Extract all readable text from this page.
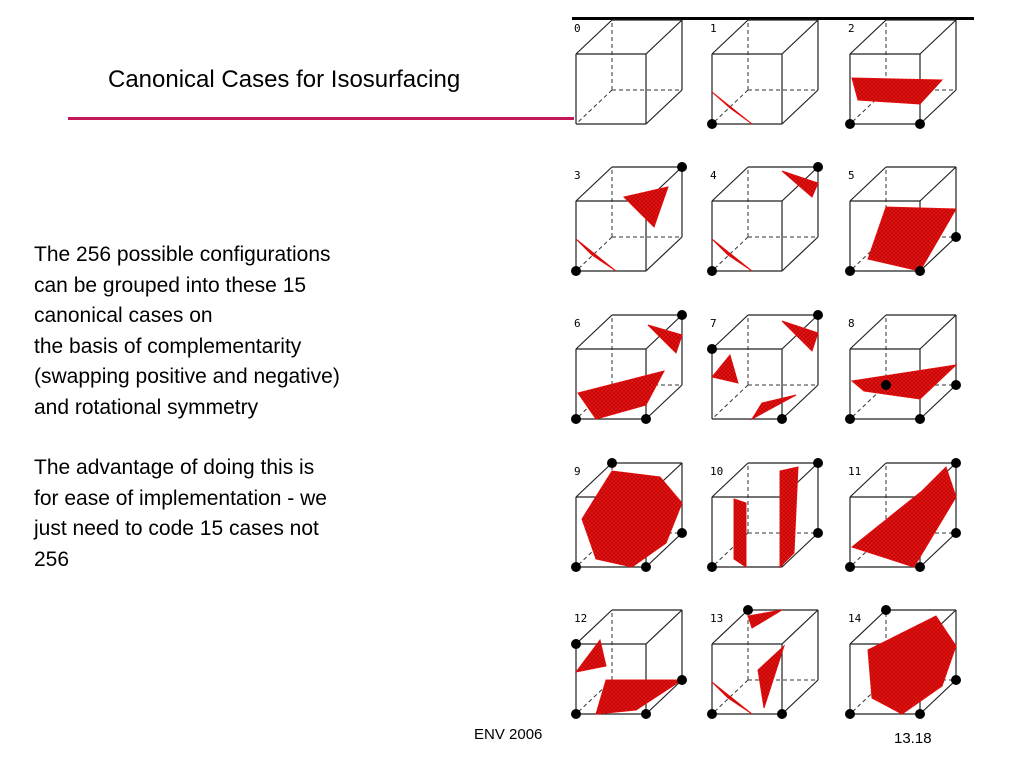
Canonical Cases for Isosurfacing

The 256 possible configurations
can be grouped into these 15
canonical cases on
the basis of complementarity
(swapping positive and negative)
and rotational symmetry

The advantage of doing this is
for ease of implementation - we
just need to code 15 cases not
256

0	1	2
3	4	5
6	7	8
9	10	11
12	13	14
ENV 2006	13.18
